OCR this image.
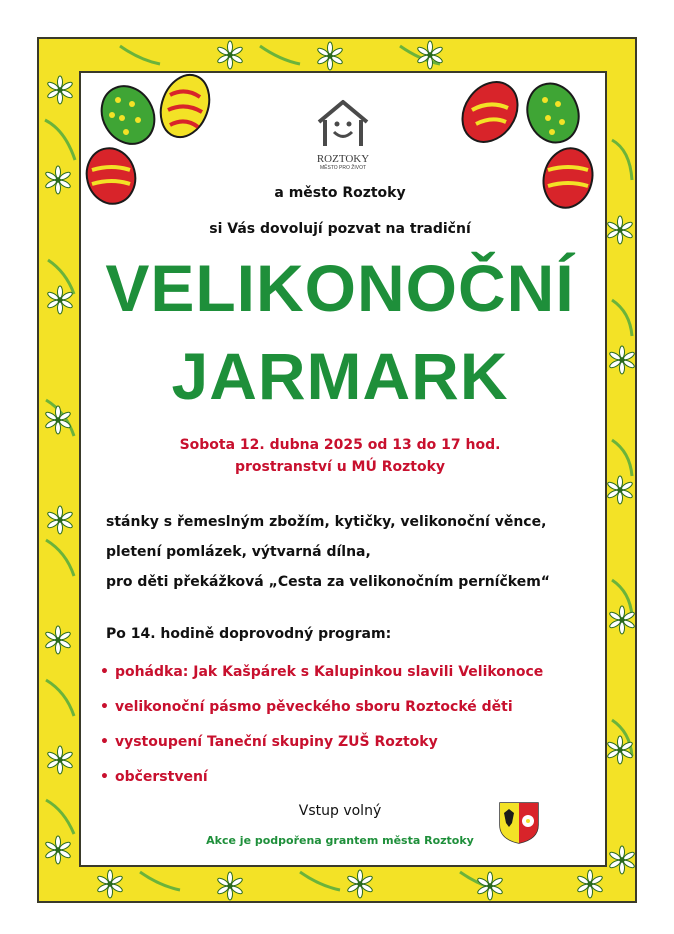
ROZTOKY
MĚSTO PRO ŽIVOT
a město Roztoky
si Vás dovolují pozvat na tradiční
VELIKONOČNÍ
JARMARK
Sobota 12. dubna 2025 od 13 do 17 hod.
prostranství u MÚ Roztoky
stánky s řemeslným zbožím, kytičky, velikonoční věnce,
pletení pomlázek, výtvarná dílna,
pro děti překážková „Cesta za velikonočním perníčkem“
Po 14. hodině doprovodný program:
• pohádka: Jak Kašpárek s Kalupinkou slavili Velikonoce
• velikonoční pásmo pěveckého sboru Roztocké děti
• vystoupení Taneční skupiny ZUŠ Roztoky
• občerstvení
Vstup volný
Akce je podpořena grantem města Roztoky
